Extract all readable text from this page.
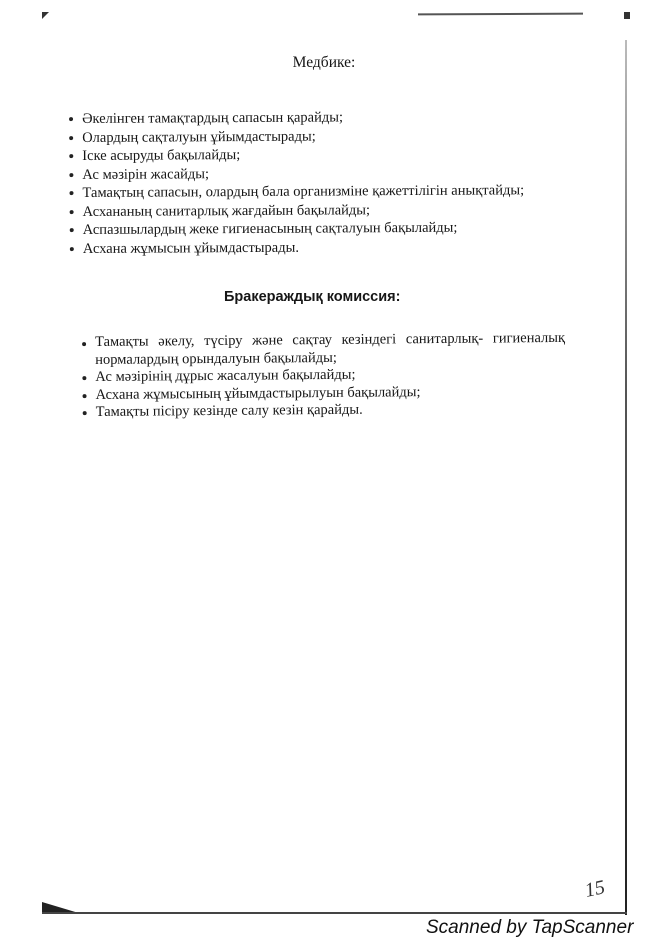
Медбике:
Әкелінген тамақтардың сапасын қарайды;
Олардың сақталуын ұйымдастырады;
Іске асыруды бақылайды;
Ас мәзірін жасайды;
Тамақтың сапасын, олардың бала организміне қажеттілігін анықтайды;
Асхананың санитарлық жағдайын бақылайды;
Аспазшылардың жеке гигиенасының сақталуын бақылайды;
Асхана жұмысын ұйымдастырады.
Бракераждық комиссия:
Тамақты әкелу, түсіру және сақтау кезіндегі санитарлық- гигиеналық нормалардың орындалуын бақылайды;
Ас мәзірінің дұрыс жасалуын бақылайды;
Асхана жұмысының ұйымдастырылуын бақылайды;
Тамақты пісіру кезінде салу кезін қарайды.
15
Scanned by TapScanner
